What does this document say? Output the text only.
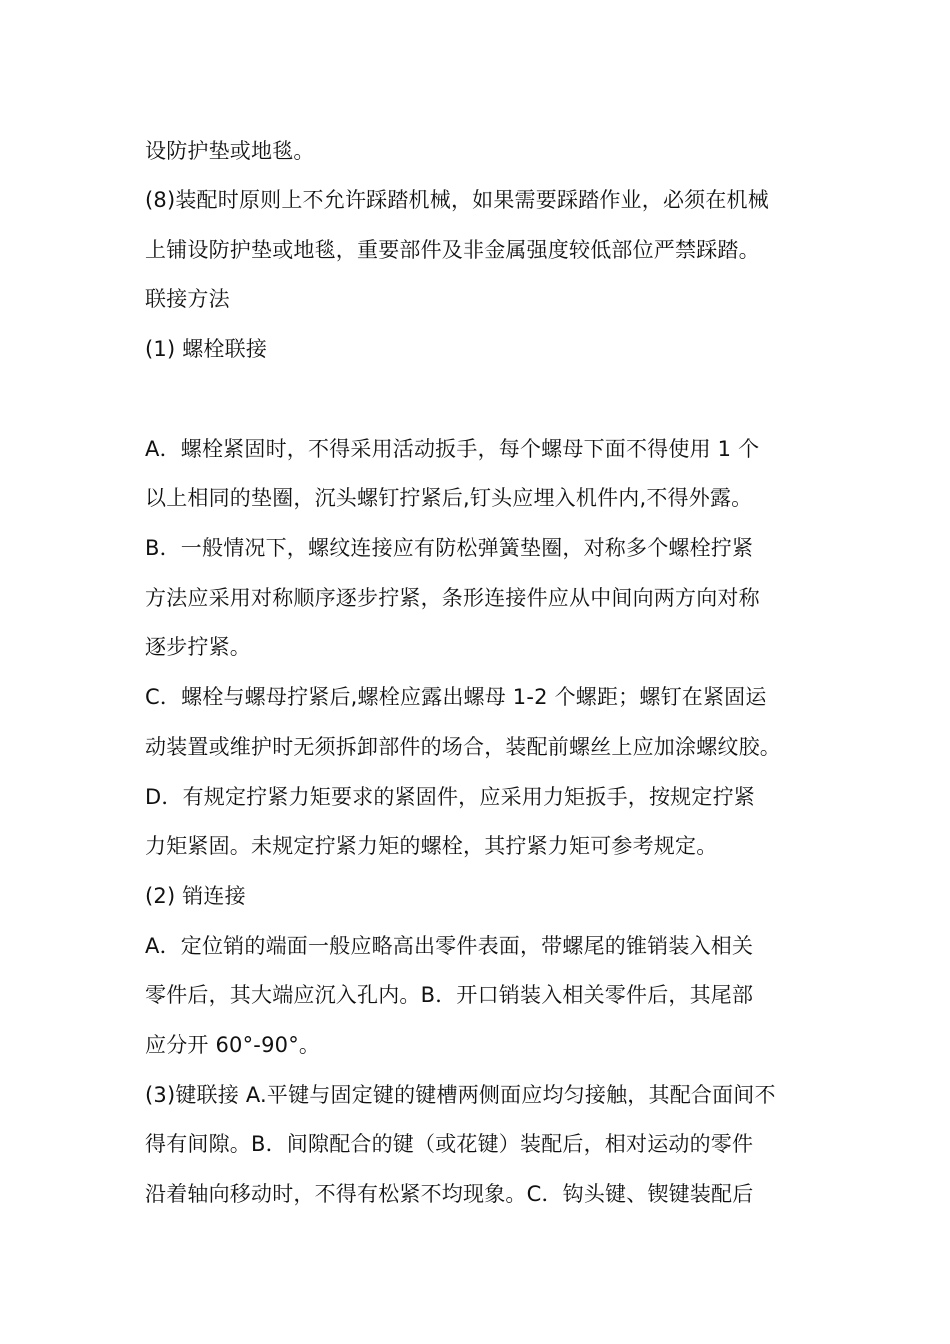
设防护垫或地毯。
(8)装配时原则上不允许踩踏机械，如果需要踩踏作业，必须在机械
上铺设防护垫或地毯，重要部件及非金属强度较低部位严禁踩踏。
联接方法
(1) 螺栓联接
A．螺栓紧固时，不得采用活动扳手，每个螺母下面不得使用 1 个
以上相同的垫圈，沉头螺钉拧紧后,钉头应埋入机件内,不得外露。
B．一般情况下，螺纹连接应有防松弹簧垫圈，对称多个螺栓拧紧
方法应采用对称顺序逐步拧紧，条形连接件应从中间向两方向对称
逐步拧紧。
C．螺栓与螺母拧紧后,螺栓应露出螺母 1-2 个螺距；螺钉在紧固运
动装置或维护时无须拆卸部件的场合，装配前螺丝上应加涂螺纹胶。
D．有规定拧紧力矩要求的紧固件，应采用力矩扳手，按规定拧紧
力矩紧固。未规定拧紧力矩的螺栓，其拧紧力矩可参考规定。
(2) 销连接
A．定位销的端面一般应略高出零件表面，带螺尾的锥销装入相关
零件后，其大端应沉入孔内。B．开口销装入相关零件后，其尾部
应分开 60°-90°。
(3)键联接 A.平键与固定键的键槽两侧面应均匀接触，其配合面间不
得有间隙。B．间隙配合的键（或花键）装配后，相对运动的零件
沿着轴向移动时，不得有松紧不均现象。C．钩头键、锲键装配后
